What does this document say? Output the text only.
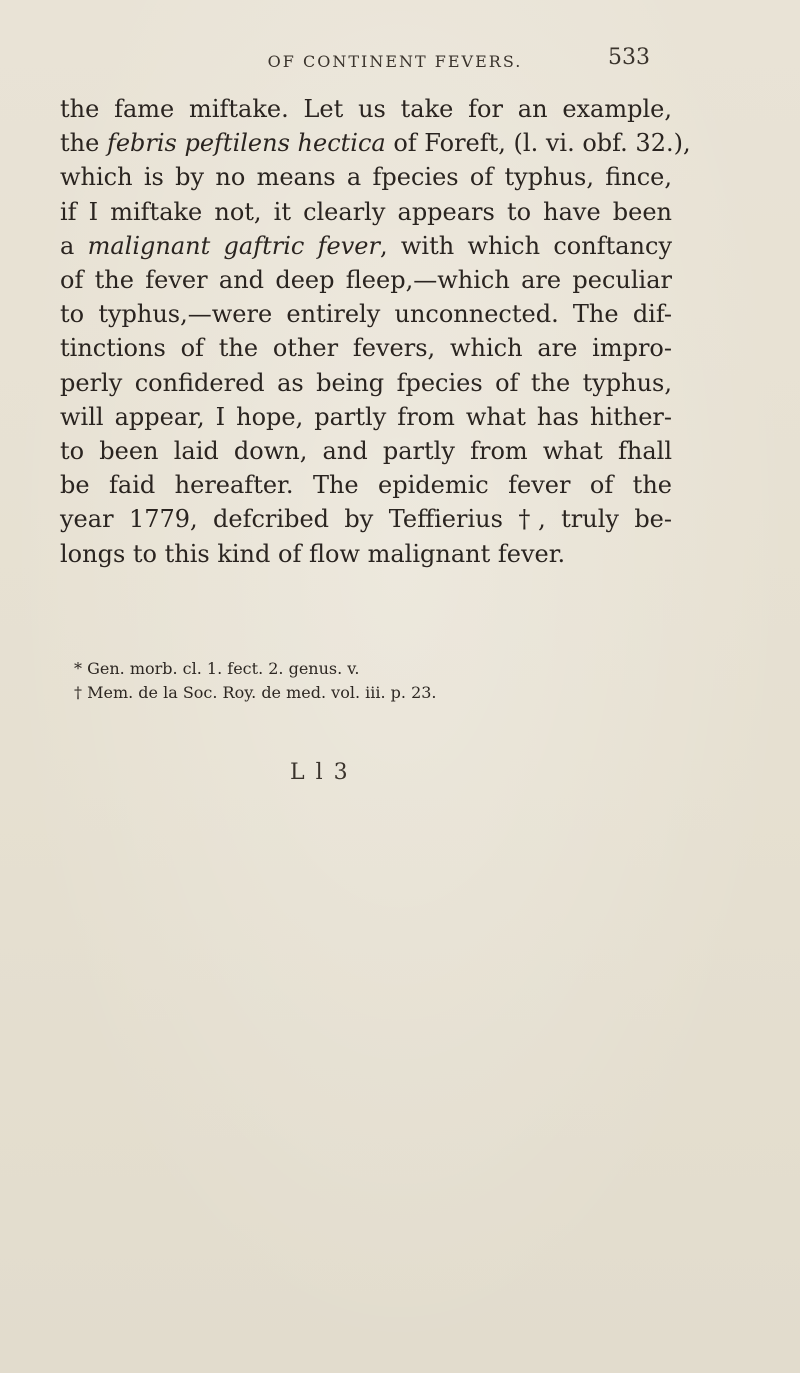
OF CONTINENT FEVERS.	533
the fame miftake. Let us take for an example,
the febris peftilens hectica of Foreft, (l. vi. obf. 32.),
which is by no means a fpecies of typhus, fince,
if I miftake not, it clearly appears to have been
a malignant gaftric fever, with which conftancy
of the fever and deep fleep,—which are peculiar
to typhus,—were entirely unconnected. The dif-
tinctions of the other fevers, which are impro-
perly confidered as being fpecies of the typhus,
will appear, I hope, partly from what has hither-
to been laid down, and partly from what fhall
be faid hereafter. The epidemic fever of the
year 1779, defcribed by Teffierius †, truly be-
longs to this kind of flow malignant fever.
* Gen. morb. cl. 1. fect. 2. genus. v.
† Mem. de la Soc. Roy. de med. vol. iii. p. 23.
L l 3
